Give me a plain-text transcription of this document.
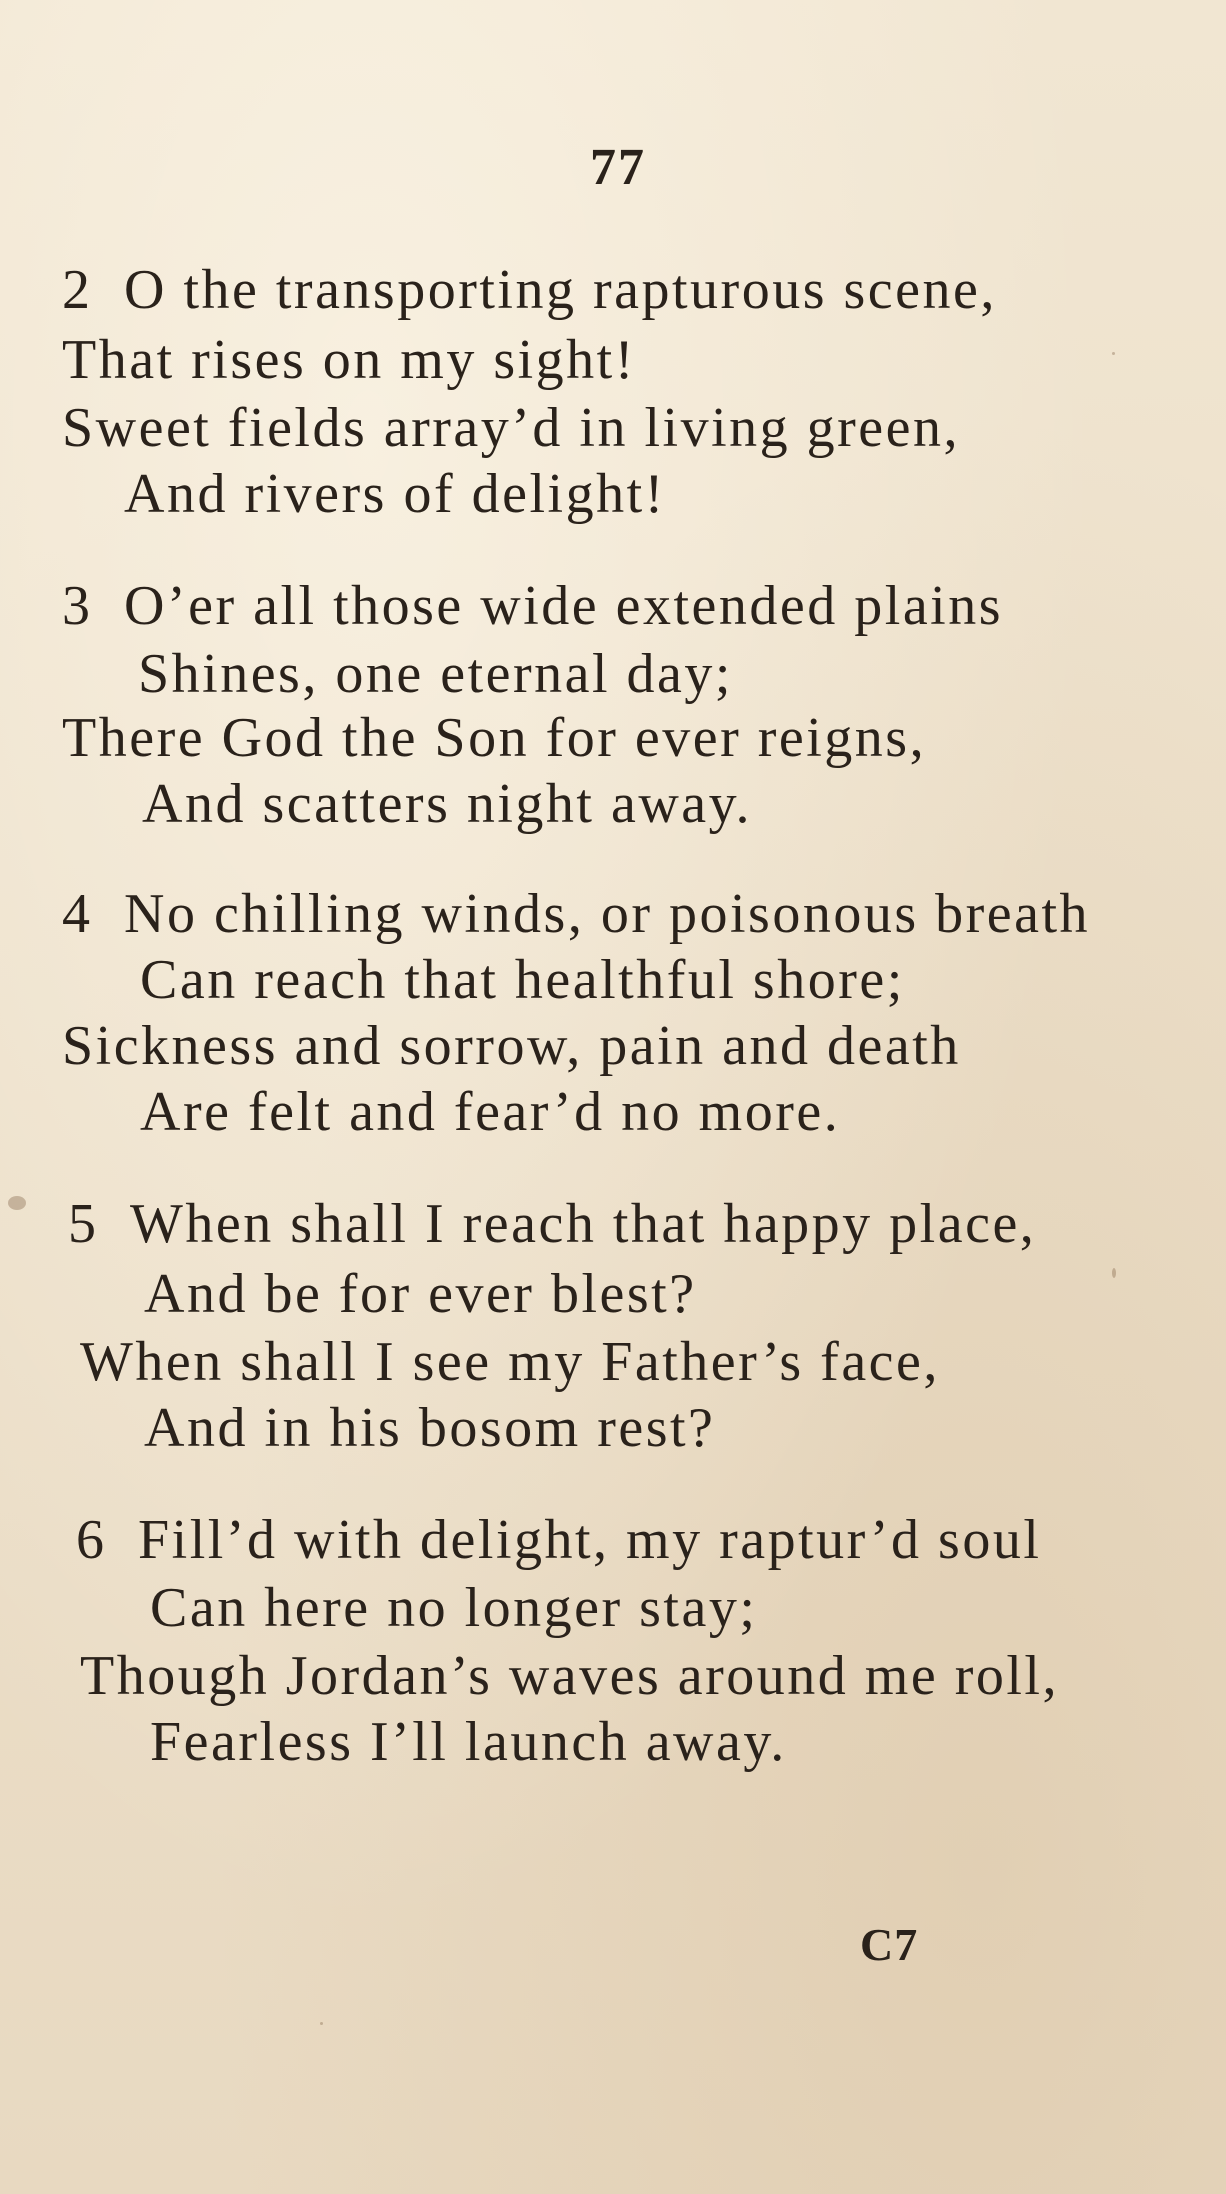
77
2 O the transporting rapturous scene,
That rises on my sight!
Sweet fields array’d in living green,
And rivers of delight!
3 O’er all those wide extended plains
Shines, one eternal day;
There God the Son for ever reigns,
And scatters night away.
4 No chilling winds, or poisonous breath
Can reach that healthful shore;
Sickness and sorrow, pain and death
Are felt and fear’d no more.
5 When shall I reach that happy place,
And be for ever blest?
When shall I see my Father’s face,
And in his bosom rest?
6 Fill’d with delight, my raptur’d soul
Can here no longer stay;
Though Jordan’s waves around me roll,
Fearless I’ll launch away.
C7
